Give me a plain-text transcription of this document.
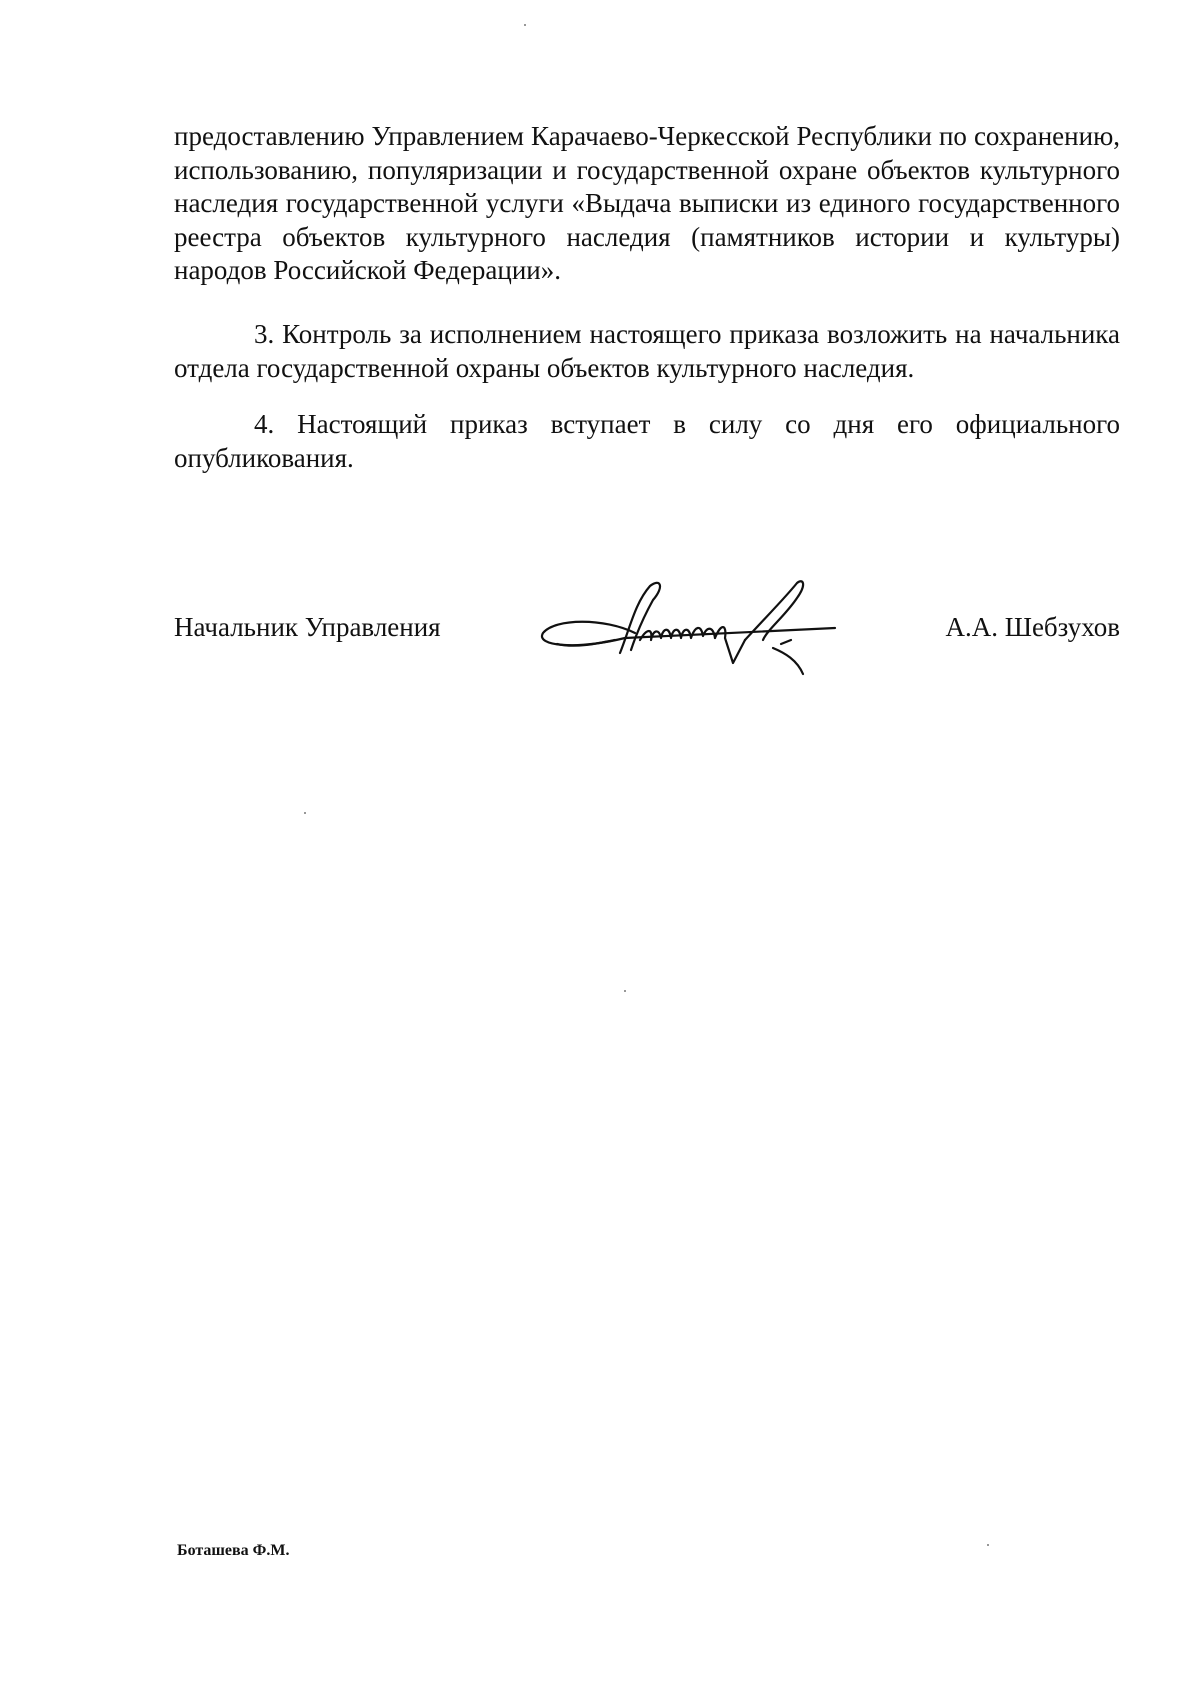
предоставлению Управлением Карачаево-Черкесской Республики по сохранению, использованию, популяризации и государственной охране объектов культурного наследия государственной услуги «Выдача выписки из единого государственного реестра объектов культурного наследия (памятников истории и культуры) народов Российской Федерации».

3. Контроль за исполнением настоящего приказа возложить на начальника отдела государственной охраны объектов культурного наследия.

4. Настоящий приказ вступает в силу со дня его официального опубликования.

Начальник Управления	А.А. Шебзухов
Боташева Ф.М.
